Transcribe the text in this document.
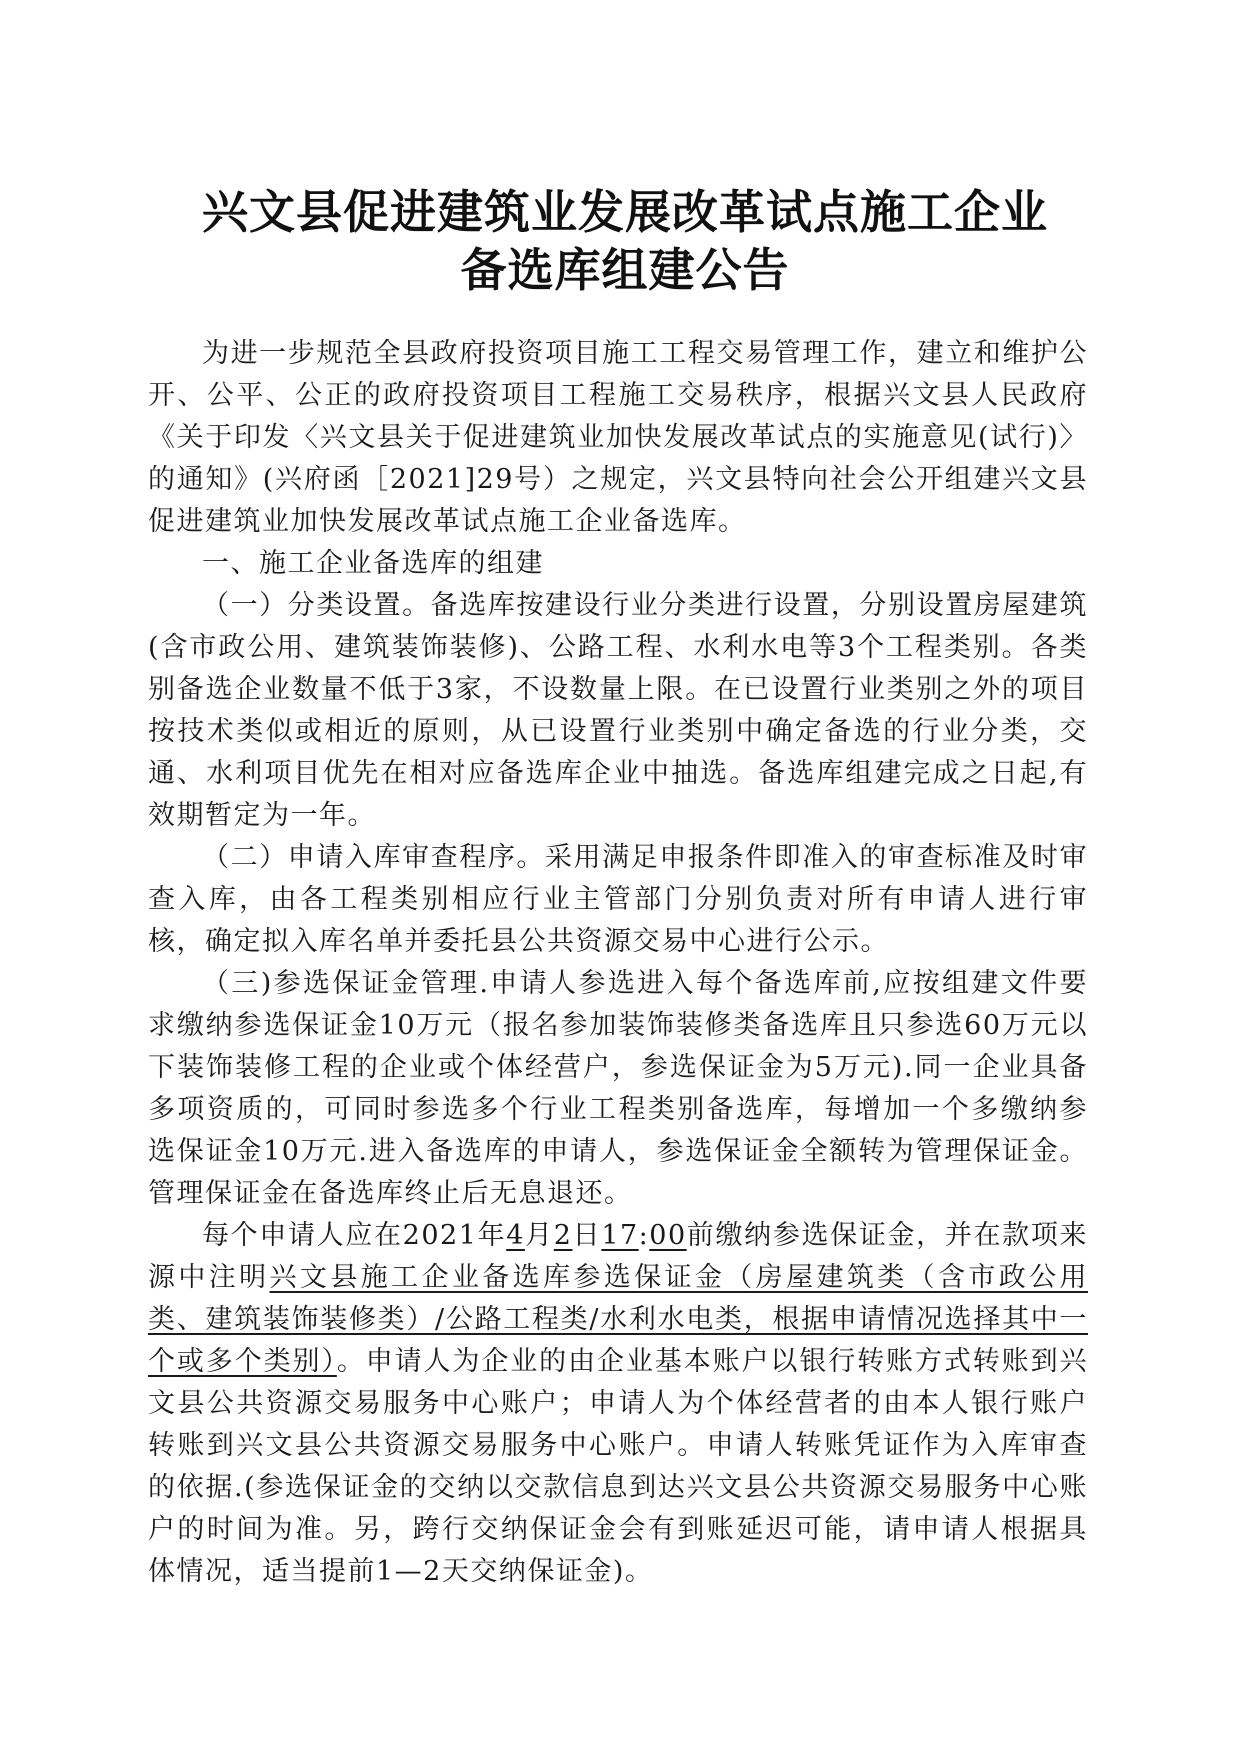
兴文县促进建筑业发展改革试点施工企业
备选库组建公告

为进一步规范全县政府投资项目施工工程交易管理工作，建立和维护公开、公平、公正的政府投资项目工程施工交易秩序，根据兴文县人民政府《关于印发〈兴文县关于促进建筑业加快发展改革试点的实施意见(试行)〉的通知》(兴府函［2021]29号）之规定，兴文县特向社会公开组建兴文县促进建筑业加快发展改革试点施工企业备选库。

一、施工企业备选库的组建

（一）分类设置。备选库按建设行业分类进行设置，分别设置房屋建筑(含市政公用、建筑装饰装修)、公路工程、水利水电等3个工程类别。各类别备选企业数量不低于3家，不设数量上限。在已设置行业类别之外的项目按技术类似或相近的原则，从已设置行业类别中确定备选的行业分类，交通、水利项目优先在相对应备选库企业中抽选。备选库组建完成之日起,有效期暂定为一年。

（二）申请入库审查程序。采用满足申报条件即准入的审查标准及时审查入库，由各工程类别相应行业主管部门分别负责对所有申请人进行审核，确定拟入库名单并委托县公共资源交易中心进行公示。

（三)参选保证金管理.申请人参选进入每个备选库前,应按组建文件要求缴纳参选保证金10万元（报名参加装饰装修类备选库且只参选60万元以下装饰装修工程的企业或个体经营户，参选保证金为5万元).同一企业具备多项资质的，可同时参选多个行业工程类别备选库，每增加一个多缴纳参选保证金10万元.进入备选库的申请人，参选保证金全额转为管理保证金。管理保证金在备选库终止后无息退还。

每个申请人应在2021年4月2日17:00前缴纳参选保证金，并在款项来源中注明兴文县施工企业备选库参选保证金（房屋建筑类（含市政公用类、建筑装饰装修类）/公路工程类/水利水电类，根据申请情况选择其中一个或多个类别）。申请人为企业的由企业基本账户以银行转账方式转账到兴文县公共资源交易服务中心账户；申请人为个体经营者的由本人银行账户转账到兴文县公共资源交易服务中心账户。申请人转账凭证作为入库审查的依据.(参选保证金的交纳以交款信息到达兴文县公共资源交易服务中心账户的时间为准。另，跨行交纳保证金会有到账延迟可能，请申请人根据具体情况，适当提前1—2天交纳保证金)。
